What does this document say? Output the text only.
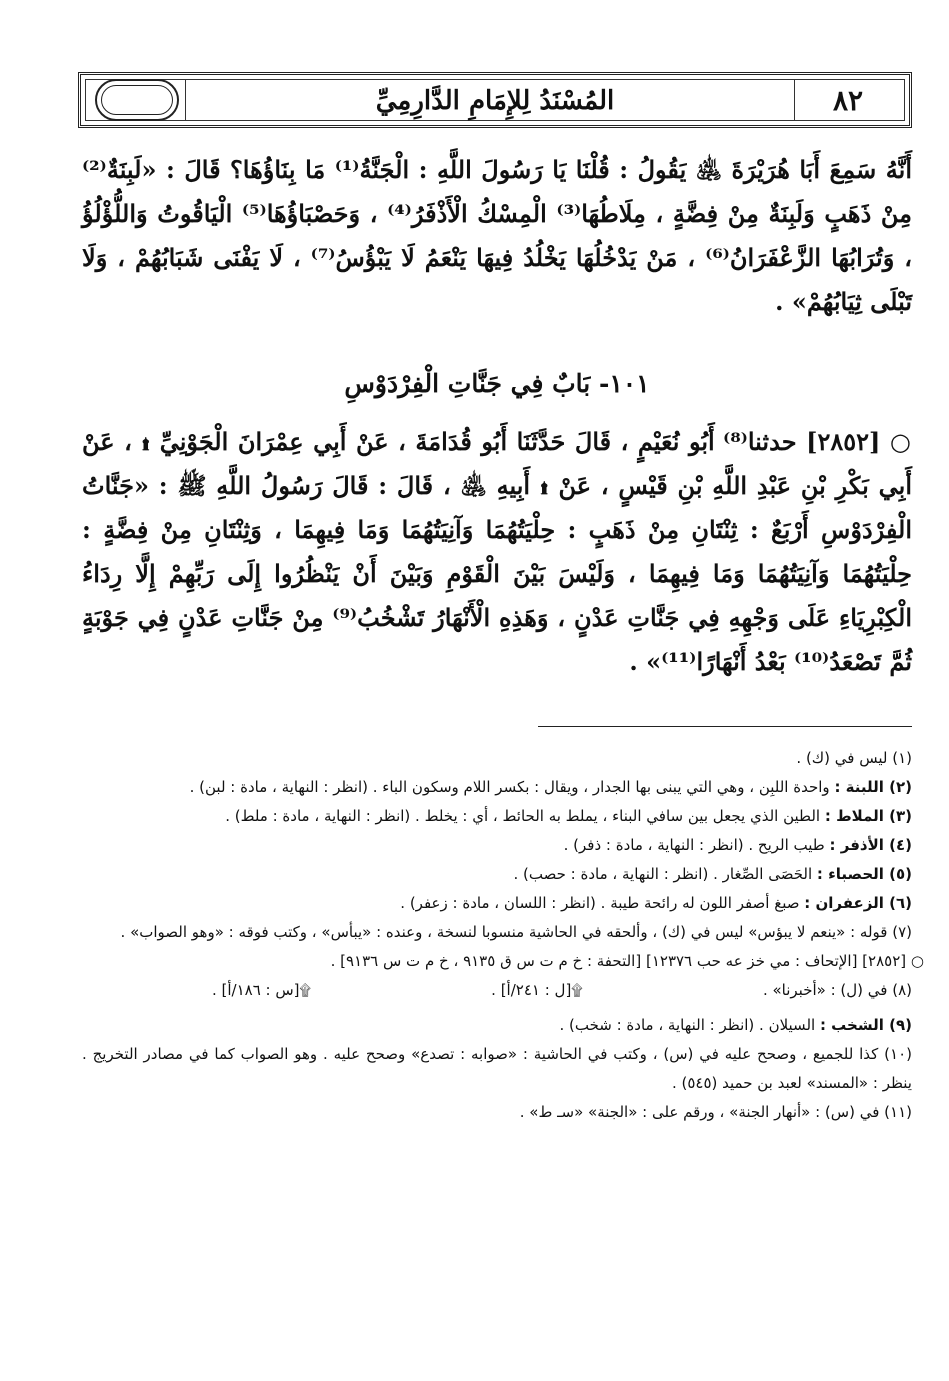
٨٢
المُسْنَدُ لِلإِمَامِ الدَّارِمِيِّ
أَنَّهُ سَمِعَ أَبَا هُرَيْرَةَ ﵁ يَقُولُ : قُلْنَا يَا رَسُولَ اللَّهِ : الْجَنَّةُ⁽¹⁾ مَا بِنَاؤُهَا؟ قَالَ : «لَبِنَةٌ⁽²⁾ مِنْ ذَهَبٍ وَلَبِنَةٌ مِنْ فِضَّةٍ ، مِلَاطُهَا⁽³⁾ الْمِسْكُ الْأَذْفَرُ⁽⁴⁾ ، وَحَصْبَاؤُهَا⁽⁵⁾ الْيَاقُوتُ وَاللُّؤْلُؤُ ، وَتُرَابُهَا الزَّعْفَرَانُ⁽⁶⁾ ، مَنْ يَدْخُلُهَا يَخْلُدُ فِيهَا يَنْعَمُ لَا يَبْؤُسُ⁽⁷⁾ ، لَا يَفْنَى شَبَابُهُمْ ، وَلَا تَبْلَى ثِيَابُهُمْ» .
١٠١- بَابٌ فِي جَنَّاتِ الْفِرْدَوْسِ
○ [٢٨٥٢] حدثنا⁽⁸⁾ أَبُو نُعَيْمٍ ، قَالَ حَدَّثَنَا أَبُو قُدَامَةَ ، عَنْ أَبِي عِمْرَانَ الْجَوْنِيِّ ۩ ، عَنْ أَبِي بَكْرِ بْنِ عَبْدِ اللَّهِ بْنِ قَيْسٍ ، عَنْ ۩ أَبِيهِ ﵁ ، قَالَ : قَالَ رَسُولُ اللَّهِ ﷺ : «جَنَّاتُ الْفِرْدَوْسِ أَرْبَعٌ : ثِنْتَانِ مِنْ ذَهَبٍ : حِلْيَتُهُمَا وَآنِيَتُهُمَا وَمَا فِيهِمَا ، وَثِنْتَانِ مِنْ فِضَّةٍ : حِلْيَتُهُمَا وَآنِيَتُهُمَا وَمَا فِيهِمَا ، وَلَيْسَ بَيْنَ الْقَوْمِ وَبَيْنَ أَنْ يَنْظُرُوا إِلَى رَبِّهِمْ إِلَّا رِدَاءُ الْكِبْرِيَاءِ عَلَى وَجْهِهِ فِي جَنَّاتِ عَدْنٍ ، وَهَذِهِ الْأَنْهَارُ تَشْخُبُ⁽⁹⁾ مِنْ جَنَّاتِ عَدْنٍ فِي جَوْبَةٍ ثُمَّ تَصْعَدُ⁽¹⁰⁾ بَعْدُ أَنْهَارًا⁽¹¹⁾» .

(١) ليس في (ك) .

(٢) اللبنة : واحدة اللبِن ، وهي التي يبنى بها الجدار ، ويقال : بكسر اللام وسكون الباء . (انظر : النهاية ، مادة : لبن) .

(٣) الملاط : الطين الذي يجعل بين سافي البناء ، يملط به الحائط ، أي : يخلط . (انظر : النهاية ، مادة : ملط) .

(٤) الأذفر : طيب الريح . (انظر : النهاية ، مادة : ذفر) .

(٥) الحصباء : الحَصَى الصِّغار . (انظر : النهاية ، مادة : حصب) .

(٦) الزعفران : صبغ أصفر اللون له رائحة طيبة . (انظر : اللسان ، مادة : زعفر) .

(٧) قوله : «ينعم لا يبؤس» ليس في (ك) ، وألحقه في الحاشية منسوبا لنسخة ، وعنده : «يبأس» ، وكتب فوقه : «وهو الصواب» .

○ [٢٨٥٢] [الإتحاف : مي خز عه حب ١٢٣٧٦] [التحفة : خ م ت س ق ٩١٣٥ ، خ م ت س ٩١٣٦] .

(٨) في (ل) : «أخبرنا» .
۩[ل : ٢٤١/أ] .
۩[س : ١٨٦/أ] .

(٩) الشخب : السيلان . (انظر : النهاية ، مادة : شخب) .

(١٠) كذا للجميع ، وصحح عليه في (س) ، وكتب في الحاشية : «صوابه : تصدع» وصحح عليه . وهو الصواب كما في مصادر التخريج . ينظر : «المسند» لعبد بن حميد (٥٤٥) .

(١١) في (س) : «أنهار الجنة» ، ورقم على : «الجنة» «سـ ط» .
